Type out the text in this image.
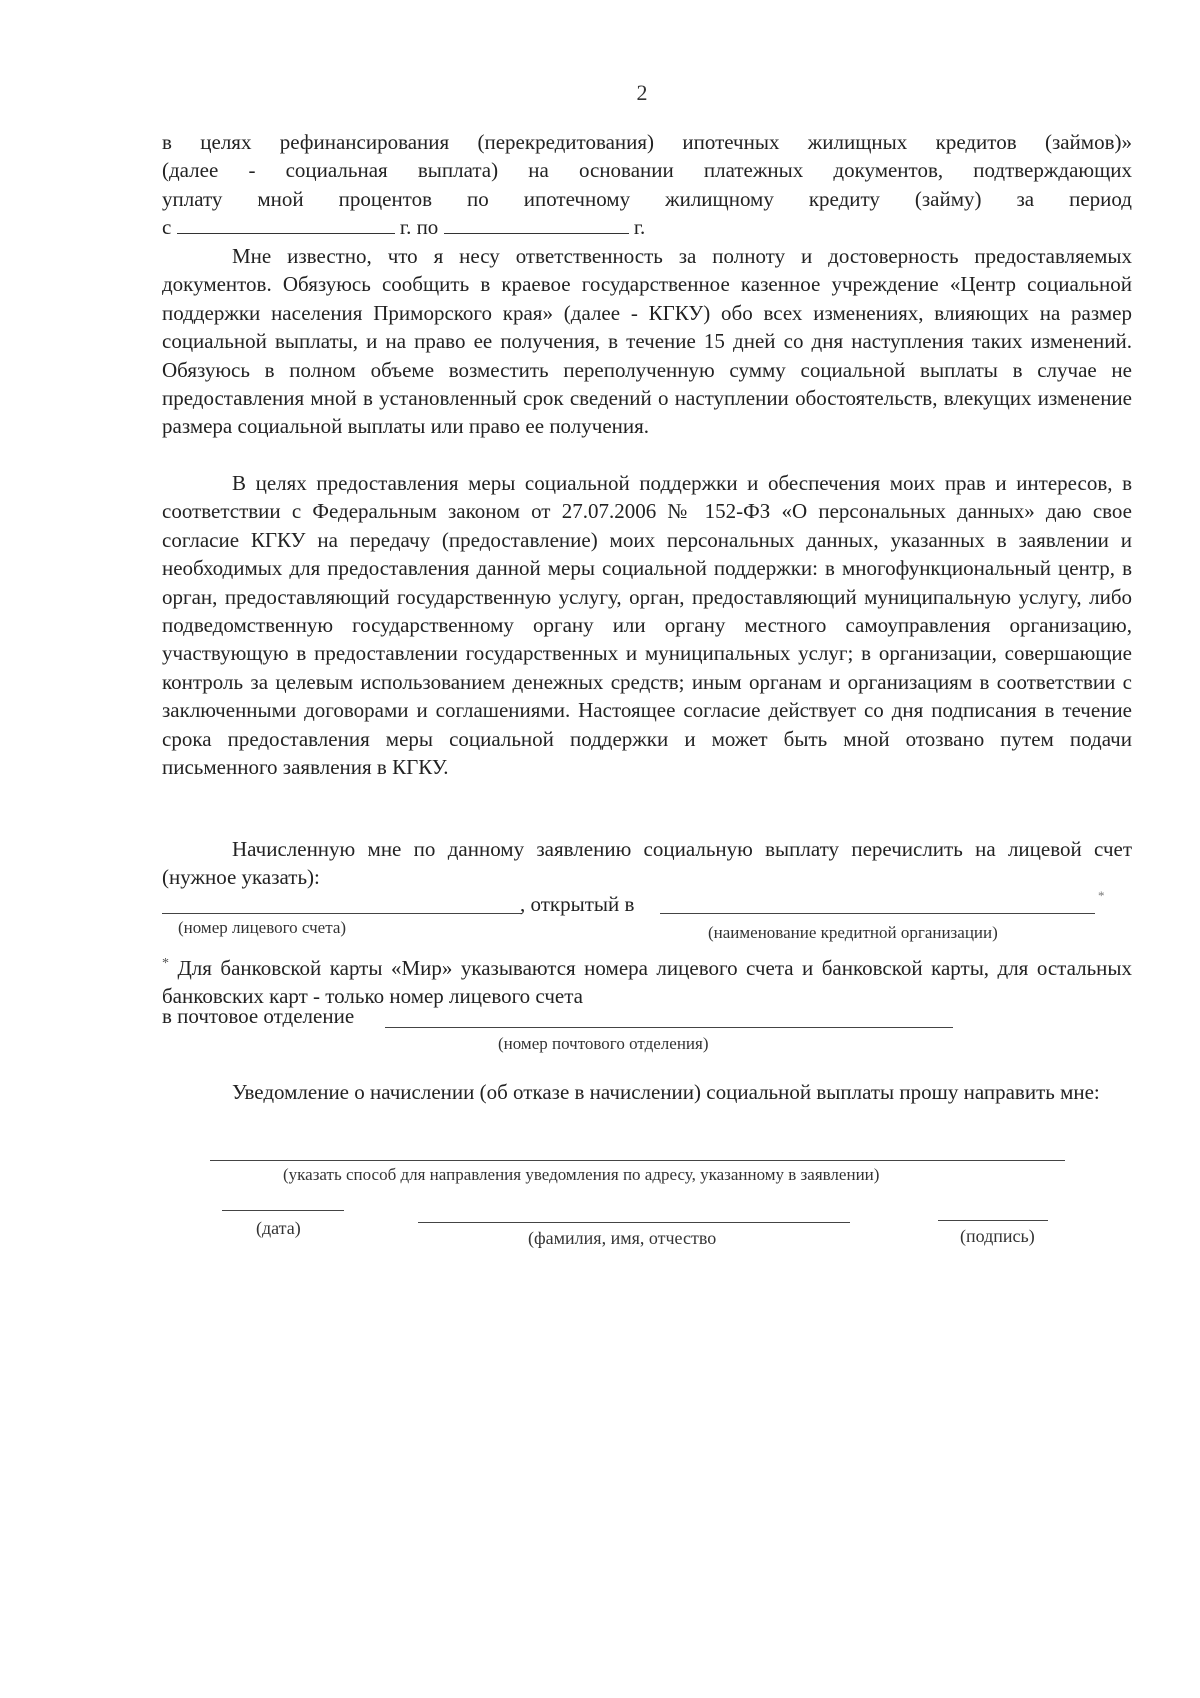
2

в целях рефинансирования (перекредитования) ипотечных жилищных кредитов (займов)»

(далее - социальная выплата) на основании платежных документов, подтверждающих

уплату мной процентов по ипотечному жилищному кредиту (займу) за период

с	г. по	г.

Мне известно, что я несу ответственность за полноту и достоверность предоставляемых документов. Обязуюсь сообщить в краевое государственное казенное учреждение «Центр социальной поддержки населения Приморского края» (далее - КГКУ) обо всех изменениях, влияющих на размер социальной выплаты, и на право ее получения, в течение 15 дней со дня наступления таких изменений. Обязуюсь в полном объеме возместить переполученную сумму социальной выплаты в случае не предоставления мной в установленный срок сведений о наступлении обостоятельств, влекущих изменение размера социальной выплаты или право ее получения.

В целях предоставления меры социальной поддержки и обеспечения моих прав и интересов, в соответствии с Федеральным законом от 27.07.2006 № 152-ФЗ «О персональных данных» даю свое согласие КГКУ на передачу (предоставление) моих персональных данных, указанных в заявлении и необходимых для предоставления данной меры социальной поддержки: в многофункциональный центр, в орган, предоставляющий государственную услугу, орган, предоставляющий муниципальную услугу, либо подведомственную государственному органу или органу местного самоуправления организацию, участвующую в предоставлении государственных и муниципальных услуг; в организации, совершающие контроль за целевым использованием денежных средств; иным органам и организациям в соответствии с заключенными договорами и соглашениями. Настоящее согласие действует со дня подписания в течение срока предоставления меры социальной поддержки и может быть мной отозвано путем подачи письменного заявления в КГКУ.

Начисленную мне по данному заявлению социальную выплату перечислить на лицевой счет (нужное указать):

, открытый в	*
(номер лицевого счета)	(наименование кредитной организации)

* Для банковской карты «Мир» указываются номера лицевого счета и банковской карты, для остальных банковских карт - только номер лицевого счета

в почтовое отделение
(номер почтового отделения)

Уведомление о начислении (об отказе в начислении) социальной выплаты прошу направить мне:

(указать способ для направления уведомления по адресу, указанному в заявлении)
(дата)	(фамилия, имя, отчество	(подпись)
